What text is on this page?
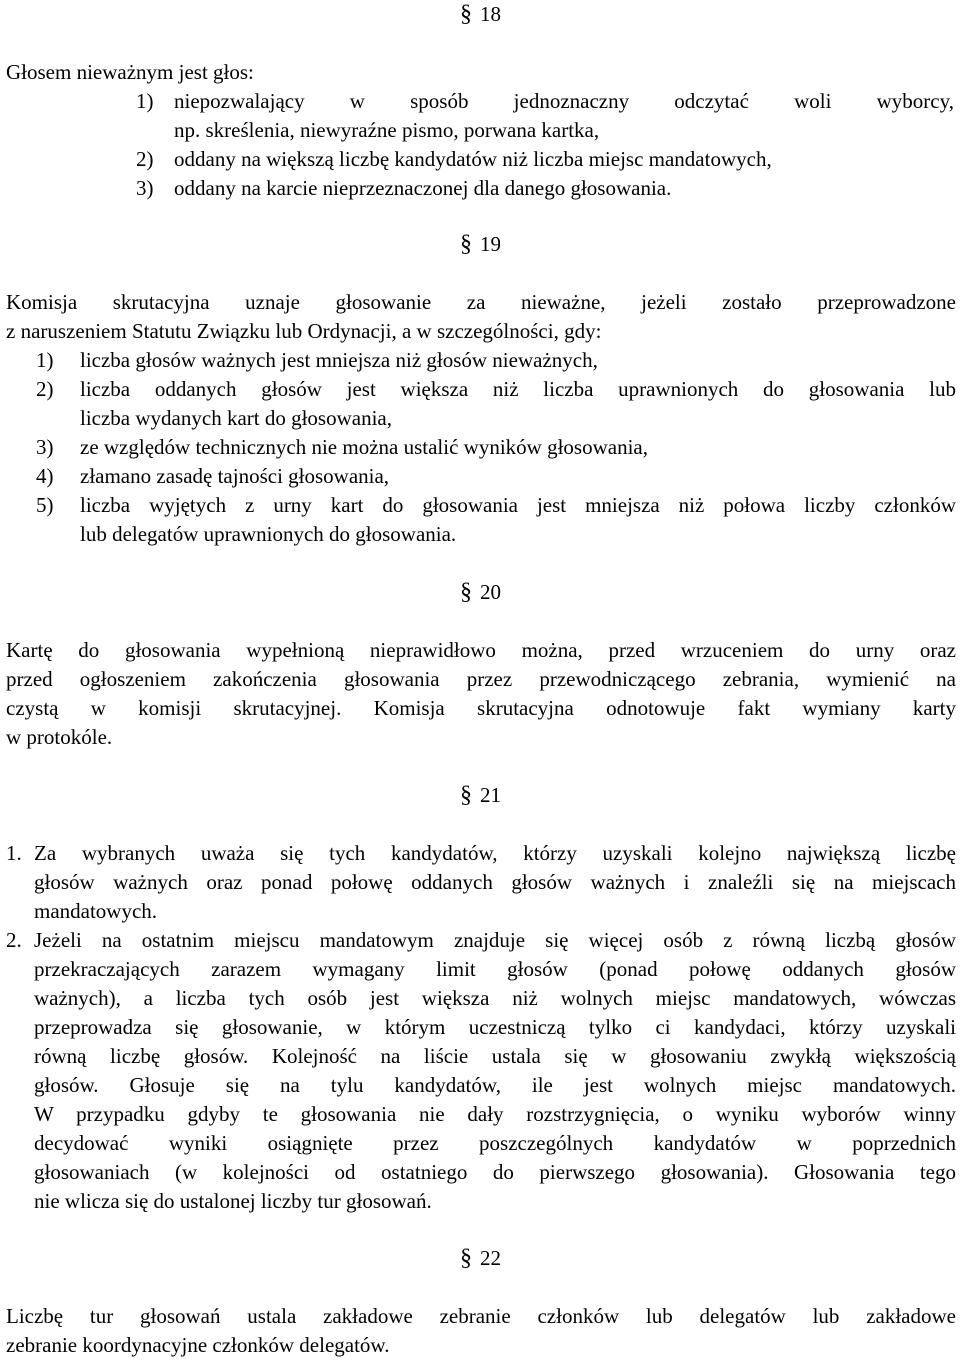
§ 18
Głosem nieważnym jest głos:
1) niepozwalający w sposób jednoznaczny odczytać woli wyborcy,
np. skreślenia, niewyraźne pismo, porwana kartka,
2) oddany na większą liczbę kandydatów niż liczba miejsc mandatowych,
3) oddany na karcie nieprzeznaczonej dla danego głosowania.
§ 19
Komisja skrutacyjna uznaje głosowanie za nieważne, jeżeli zostało przeprowadzone
z naruszeniem Statutu Związku lub Ordynacji, a w szczególności, gdy:
1) liczba głosów ważnych jest mniejsza niż głosów nieważnych,
2) liczba oddanych głosów jest większa niż liczba uprawnionych do głosowania lub
liczba wydanych kart do głosowania,
3) ze względów technicznych nie można ustalić wyników głosowania,
4) złamano zasadę tajności głosowania,
5) liczba wyjętych z urny kart do głosowania jest mniejsza niż połowa liczby członków
lub delegatów uprawnionych do głosowania.
§ 20
Kartę do głosowania wypełnioną nieprawidłowo można, przed wrzuceniem do urny oraz
przed ogłoszeniem zakończenia głosowania przez przewodniczącego zebrania, wymienić na
czystą w komisji skrutacyjnej. Komisja skrutacyjna odnotowuje fakt wymiany karty
w protokóle.
§ 21
1. Za wybranych uważa się tych kandydatów, którzy uzyskali kolejno największą liczbę
głosów ważnych oraz ponad połowę oddanych głosów ważnych i znaleźli się na miejscach
mandatowych.
2. Jeżeli na ostatnim miejscu mandatowym znajduje się więcej osób z równą liczbą głosów
przekraczających zarazem wymagany limit głosów (ponad połowę oddanych głosów
ważnych), a liczba tych osób jest większa niż wolnych miejsc mandatowych, wówczas
przeprowadza się głosowanie, w którym uczestniczą tylko ci kandydaci, którzy uzyskali
równą liczbę głosów. Kolejność na liście ustala się w głosowaniu zwykłą większością
głosów. Głosuje się na tylu kandydatów, ile jest wolnych miejsc mandatowych.
W przypadku gdyby te głosowania nie dały rozstrzygnięcia, o wyniku wyborów winny
decydować wyniki osiągnięte przez poszczególnych kandydatów w poprzednich
głosowaniach (w kolejności od ostatniego do pierwszego głosowania). Głosowania tego
nie wlicza się do ustalonej liczby tur głosowań.
§ 22
Liczbę tur głosowań ustala zakładowe zebranie członków lub delegatów lub zakładowe
zebranie koordynacyjne członków delegatów.
